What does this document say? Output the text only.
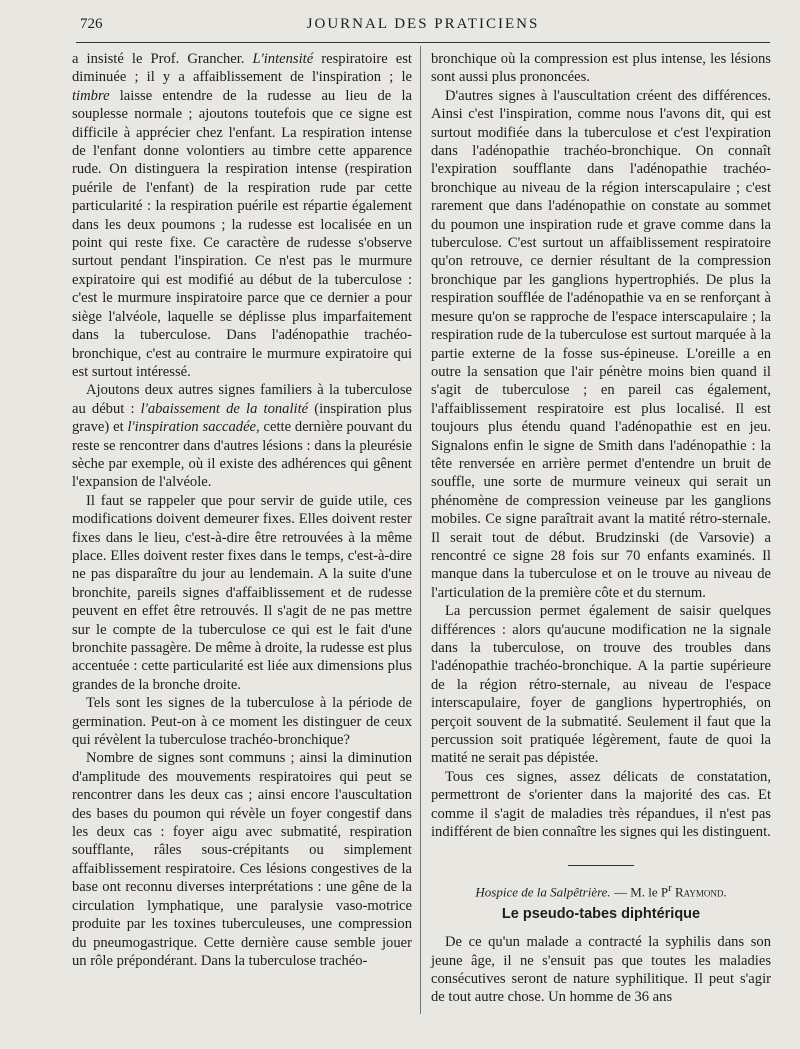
726	JOURNAL DES PRATICIENS

a insisté le Prof. Grancher. L'intensité respiratoire est diminuée ; il y a affaiblissement de l'inspiration ; le timbre laisse entendre de la rudesse au lieu de la souplesse normale ; ajoutons toutefois que ce signe est difficile à apprécier chez l'enfant. La respiration intense de l'enfant donne volontiers au timbre cette apparence rude. On distinguera la respiration intense (respiration puérile de l'enfant) de la respiration rude par cette particularité : la respiration puérile est répartie également dans les deux poumons ; la rudesse est localisée en un point qui reste fixe. Ce caractère de rudesse s'observe surtout pendant l'inspiration. Ce n'est pas le murmure expiratoire qui est modifié au début de la tuberculose : c'est le murmure inspiratoire parce que ce dernier a pour siège l'alvéole, laquelle se déplisse plus imparfaitement dans la tuberculose. Dans l'adénopathie trachéo-bronchique, c'est au contraire le murmure expiratoire qui est surtout intéressé.

Ajoutons deux autres signes familiers à la tuberculose au début : l'abaissement de la tonalité (inspiration plus grave) et l'inspiration saccadée, cette dernière pouvant du reste se rencontrer dans d'autres lésions : dans la pleurésie sèche par exemple, où il existe des adhérences qui gênent l'expansion de l'alvéole.

Il faut se rappeler que pour servir de guide utile, ces modifications doivent demeurer fixes. Elles doivent rester fixes dans le lieu, c'est-à-dire être retrouvées à la même place. Elles doivent rester fixes dans le temps, c'est-à-dire ne pas disparaître du jour au lendemain. A la suite d'une bronchite, pareils signes d'affaiblissement et de rudesse peuvent en effet être retrouvés. Il s'agit de ne pas mettre sur le compte de la tuberculose ce qui est le fait d'une bronchite passagère. De même à droite, la rudesse est plus accentuée : cette particularité est liée aux dimensions plus grandes de la bronche droite.

Tels sont les signes de la tuberculose à la période de germination. Peut-on à ce moment les distinguer de ceux qui révèlent la tuberculose trachéo-bronchique?

Nombre de signes sont communs ; ainsi la diminution d'amplitude des mouvements respiratoires qui peut se rencontrer dans les deux cas ; ainsi encore l'auscultation des bases du poumon qui révèle un foyer congestif dans les deux cas : foyer aigu avec submatité, respiration soufflante, râles sous-crépitants ou simplement affaiblissement respiratoire. Ces lésions congestives de la base ont reconnu diverses interprétations : une gêne de la circulation lymphatique, une paralysie vaso-motrice produite par les toxines tuberculeuses, une compression du pneumogastrique. Cette dernière cause semble jouer un rôle prépondérant. Dans la tuberculose trachéo-

bronchique où la compression est plus intense, les lésions sont aussi plus prononcées.

D'autres signes à l'auscultation créent des différences. Ainsi c'est l'inspiration, comme nous l'avons dit, qui est surtout modifiée dans la tuberculose et c'est l'expiration dans l'adénopathie trachéo-bronchique. On connaît l'expiration soufflante dans l'adénopathie trachéo-bronchique au niveau de la région interscapulaire ; c'est rarement que dans l'adénopathie on constate au sommet du poumon une inspiration rude et grave comme dans la tuberculose. C'est surtout un affaiblissement respiratoire qu'on retrouve, ce dernier résultant de la compression bronchique par les ganglions hypertrophiés. De plus la respiration soufflée de l'adénopathie va en se renforçant à mesure qu'on se rapproche de l'espace interscapulaire ; la respiration rude de la tuberculose est surtout marquée à la partie externe de la fosse sus-épineuse. L'oreille a en outre la sensation que l'air pénètre moins bien quand il s'agit de tuberculose ; en pareil cas également, l'affaiblissement respiratoire est plus localisé. Il est toujours plus étendu quand l'adénopathie est en jeu. Signalons enfin le signe de Smith dans l'adénopathie : la tête renversée en arrière permet d'entendre un bruit de souffle, une sorte de murmure veineux qui serait un phénomène de compression veineuse par les ganglions mobiles. Ce signe paraîtrait avant la matité rétro-sternale. Il serait tout de début. Brudzinski (de Varsovie) a rencontré ce signe 28 fois sur 70 enfants examinés. Il manque dans la tuberculose et on le trouve au niveau de l'articulation de la première côte et du sternum.

La percussion permet également de saisir quelques différences : alors qu'aucune modification ne la signale dans la tuberculose, on trouve des troubles dans l'adénopathie trachéo-bronchique. A la partie supérieure de la région rétro-sternale, au niveau de l'espace interscapulaire, foyer de ganglions hypertrophiés, on perçoit souvent de la submatité. Seulement il faut que la percussion soit pratiquée légèrement, faute de quoi la matité ne serait pas dépistée.

Tous ces signes, assez délicats de constatation, permettront de s'orienter dans la majorité des cas. Et comme il s'agit de maladies très répandues, il n'est pas indifférent de bien connaître les signes qui les distinguent.

Hospice de la Salpêtrière. — M. le $P^r$ Raymond.
Le pseudo-tabes diphtérique

De ce qu'un malade a contracté la syphilis dans son jeune âge, il ne s'ensuit pas que toutes les maladies consécutives seront de nature syphilitique. Il peut s'agir de tout autre chose. Un homme de 36 ans
